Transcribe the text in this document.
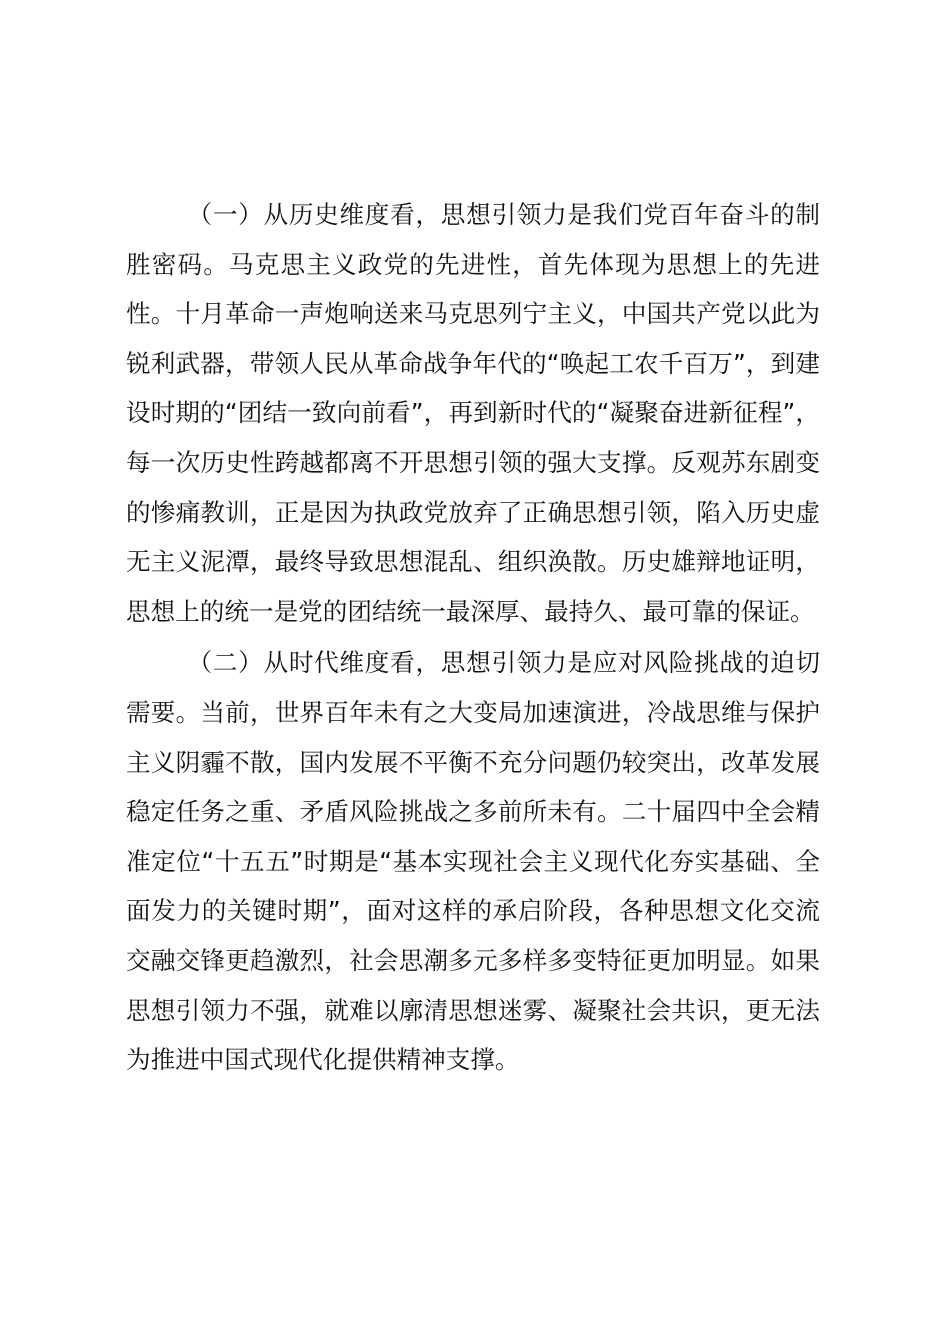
（一）从历史维度看，思想引领力是我们党百年奋斗的制胜密码。马克思主义政党的先进性，首先体现为思想上的先进性。十月革命一声炮响送来马克思列宁主义，中国共产党以此为锐利武器，带领人民从革命战争年代的“唤起工农千百万”，到建设时期的“团结一致向前看”，再到新时代的“凝聚奋进新征程”，每一次历史性跨越都离不开思想引领的强大支撑。反观苏东剧变的惨痛教训，正是因为执政党放弃了正确思想引领，陷入历史虚无主义泥潭，最终导致思想混乱、组织涣散。历史雄辩地证明，思想上的统一是党的团结统一最深厚、最持久、最可靠的保证。

（二）从时代维度看，思想引领力是应对风险挑战的迫切需要。当前，世界百年未有之大变局加速演进，冷战思维与保护主义阴霾不散，国内发展不平衡不充分问题仍较突出，改革发展稳定任务之重、矛盾风险挑战之多前所未有。二十届四中全会精准定位“十五五”时期是“基本实现社会主义现代化夯实基础、全面发力的关键时期”，面对这样的承启阶段，各种思想文化交流交融交锋更趋激烈，社会思潮多元多样多变特征更加明显。如果思想引领力不强，就难以廓清思想迷雾、凝聚社会共识，更无法为推进中国式现代化提供精神支撑。
